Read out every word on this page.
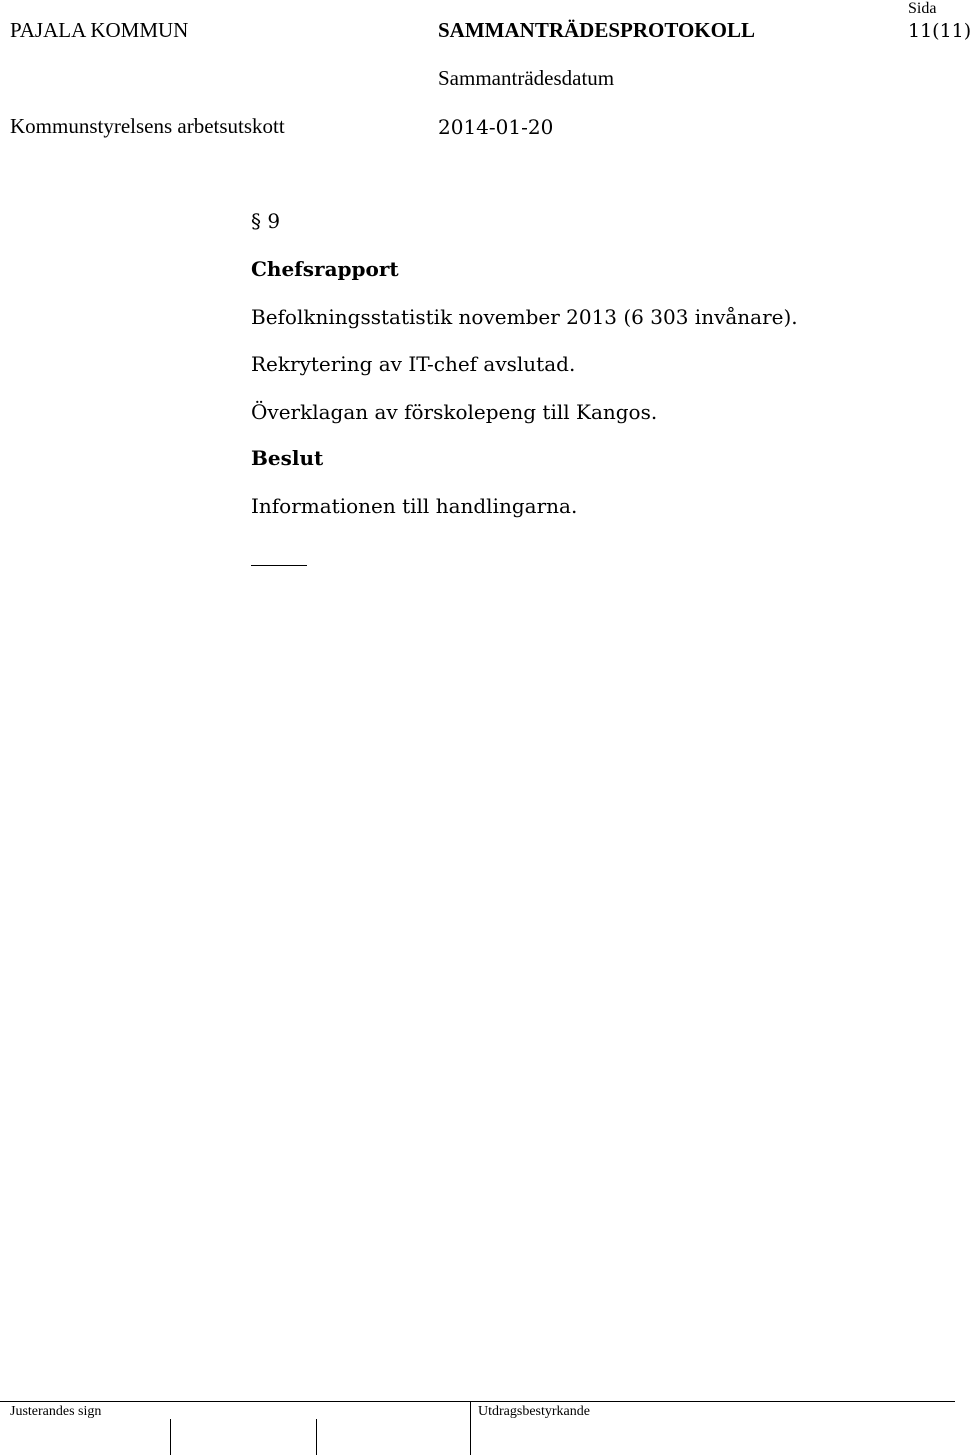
PAJALA KOMMUN	SAMMANTRÄDESPROTOKOLL
Sida
11(11)
Sammanträdesdatum
Kommunstyrelsens arbetsutskott	2014-01-20
§ 9
Chefsrapport
Befolkningsstatistik november 2013 (6 303 invånare).
Rekrytering av IT-chef avslutad.
Överklagan av förskolepeng till Kangos.
Beslut
Informationen till handlingarna.
Justerandes sign	Utdragsbestyrkande
